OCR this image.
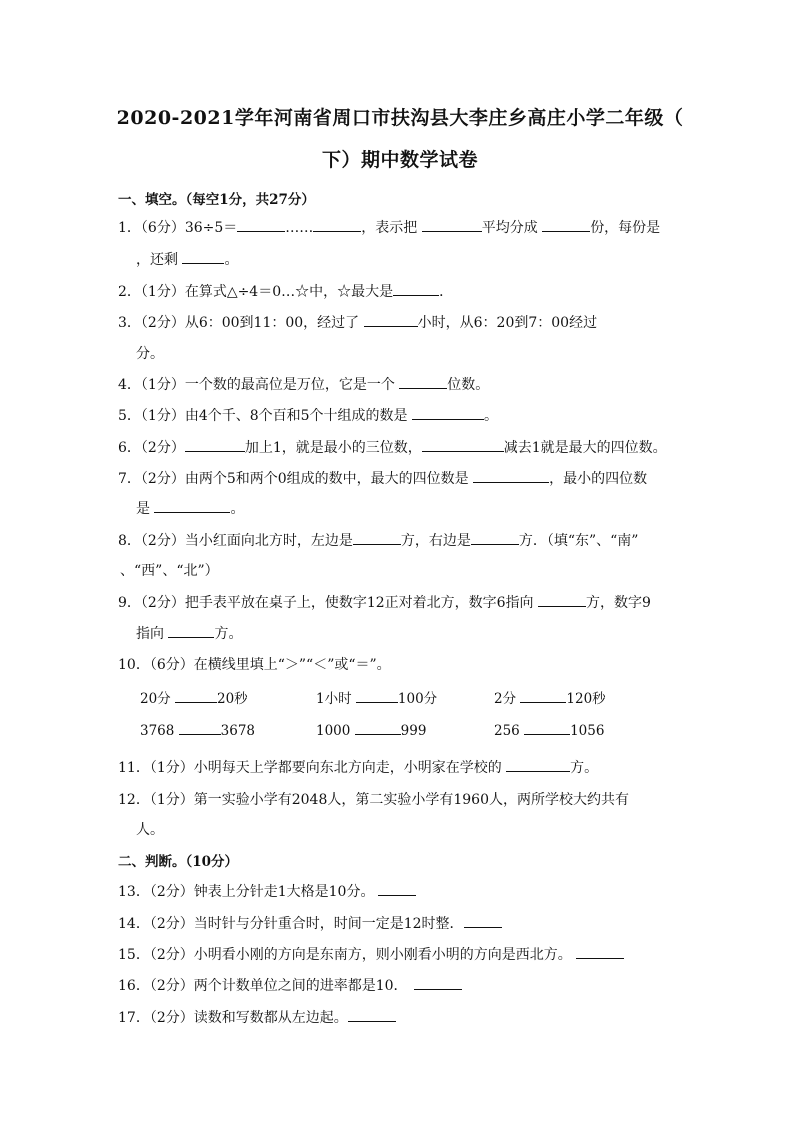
2020-2021学年河南省周口市扶沟县大李庄乡高庄小学二年级（
下）期中数学试卷
一、填空。（每空1分，共27分）
1．（6分）36÷5＝	……	，表示把	平均分成	份，每份是
，还剩	。
2．（1分）在算式△÷4＝0…☆中，☆最大是	．
3．（2分）从6：00到11：00，经过了	小时，从6：20到7：00经过
分。
4．（1分）一个数的最高位是万位，它是一个	位数。
5．（1分）由4个千、8个百和5个十组成的数是	。
6．（2分）	加上1，就是最小的三位数，	减去1就是最大的四位数。
7．（2分）由两个5和两个0组成的数中，最大的四位数是	，最小的四位数
是	。
8．（2分）当小红面向北方时，左边是	方，右边是	方．（填“东”、“南”
、“西”、“北”）
9．（2分）把手表平放在桌子上，使数字12正对着北方，数字6指向	方，数字9
指向	方。
10．（6分）在横线里填上“＞”“＜”或“＝”。
20分	20秒	1小时	100分	2分	120秒
3768	3678	1000	999	256	1056
11．（1分）小明每天上学都要向东北方向走，小明家在学校的	方。
12．（1分）第一实验小学有2048人，第二实验小学有1960人，两所学校大约共有
人。
二、判断。（10分）
13．（2分）钟表上分针走1大格是10分。
14．（2分）当时针与分针重合时，时间一定是12时整．
15．（2分）小明看小刚的方向是东南方，则小刚看小明的方向是西北方。
16．（2分）两个计数单位之间的进率都是10．
17．（2分）读数和写数都从左边起。
